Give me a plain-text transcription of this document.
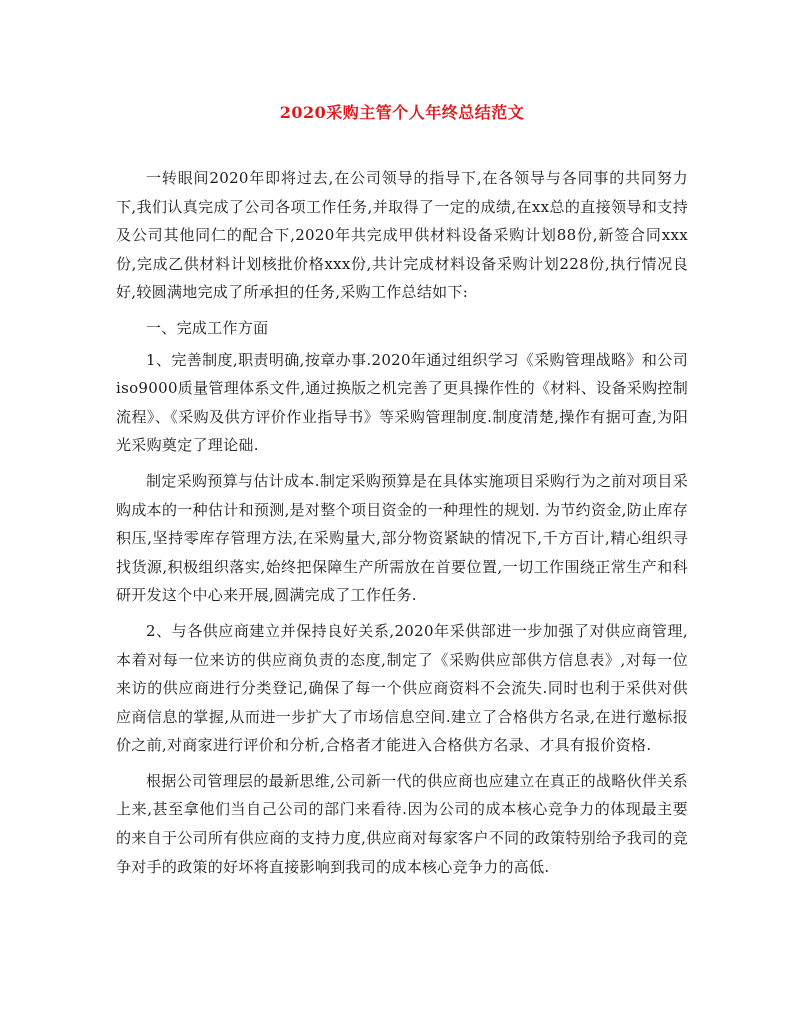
2020采购主管个人年终总结范文

一转眼间2020年即将过去,在公司领导的指导下,在各领导与各同事的共同努力下,我们认真完成了公司各项工作任务,并取得了一定的成绩,在xx总的直接领导和支持及公司其他同仁的配合下,2020年共完成甲供材料设备采购计划88份,新签合同xxx份,完成乙供材料计划核批价格xxx份,共计完成材料设备采购计划228份,执行情况良好,较圆满地完成了所承担的任务,采购工作总结如下:

一、完成工作方面

1、完善制度,职责明确,按章办事.2020年通过组织学习《采购管理战略》和公司iso9000质量管理体系文件,通过换版之机完善了更具操作性的《材料、设备采购控制流程》、《采购及供方评价作业指导书》等采购管理制度.制度清楚,操作有据可查,为阳光采购奠定了理论础.

制定采购预算与估计成本.制定采购预算是在具体实施项目采购行为之前对项目采购成本的一种估计和预测,是对整个项目资金的一种理性的规划. 为节约资金,防止库存积压,坚持零库存管理方法,在采购量大,部分物资紧缺的情况下,千方百计,精心组织寻找货源,积极组织落实,始终把保障生产所需放在首要位置,一切工作围绕正常生产和科研开发这个中心来开展,圆满完成了工作任务.

2、与各供应商建立并保持良好关系,2020年采供部进一步加强了对供应商管理,本着对每一位来访的供应商负责的态度,制定了《采购供应部供方信息表》,对每一位来访的供应商进行分类登记,确保了每一个供应商资料不会流失.同时也利于采供对供应商信息的掌握,从而进一步扩大了市场信息空间.建立了合格供方名录,在进行邀标报价之前,对商家进行评价和分析,合格者才能进入合格供方名录、才具有报价资格.

根据公司管理层的最新思维,公司新一代的供应商也应建立在真正的战略伙伴关系上来,甚至拿他们当自己公司的部门来看待.因为公司的成本核心竞争力的体现最主要的来自于公司所有供应商的支持力度,供应商对每家客户不同的政策特别给予我司的竞争对手的政策的好坏将直接影响到我司的成本核心竞争力的高低.
